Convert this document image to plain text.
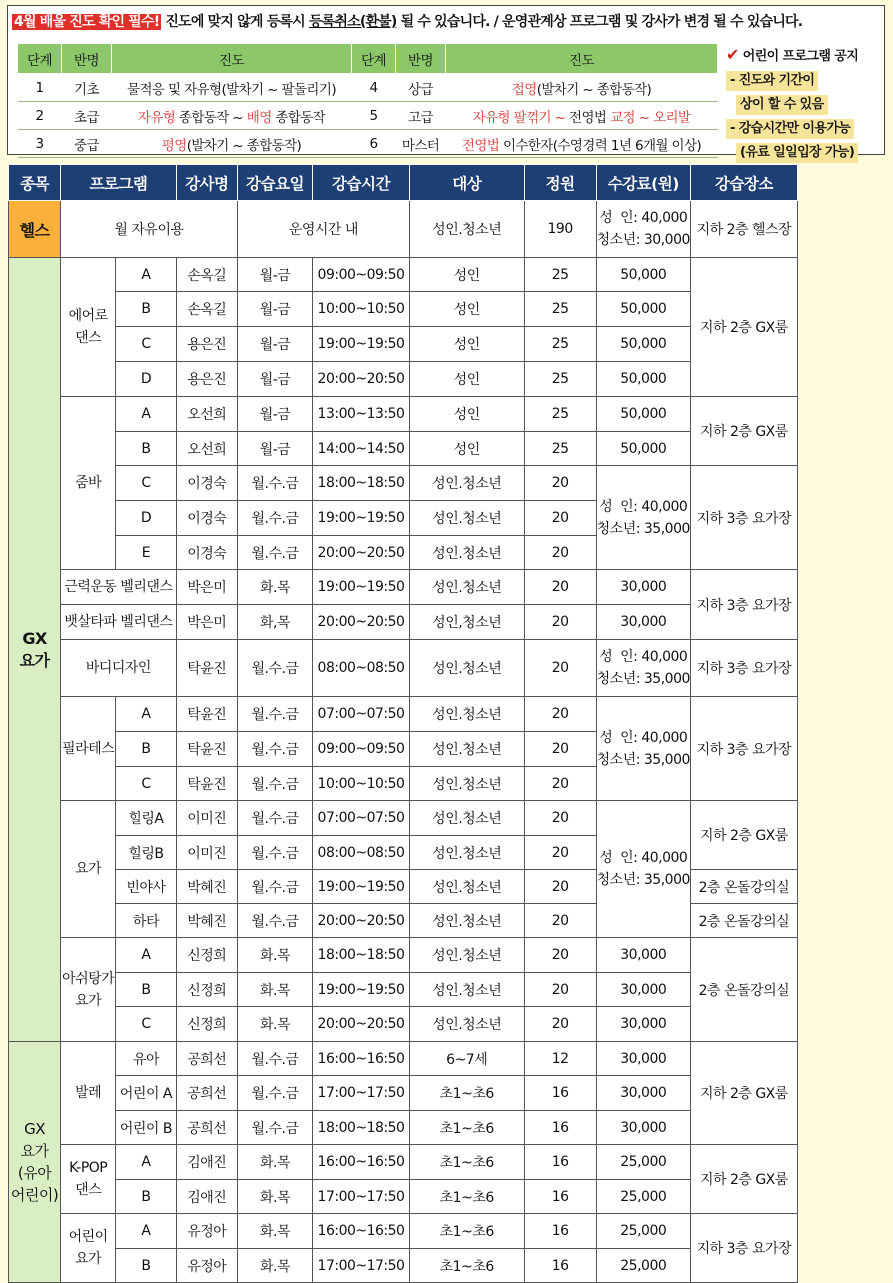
4월 배울 진도 확인 필수! 진도에 맞지 않게 등록시 등록취소(환불) 될 수 있습니다. / 운영관계상 프로그램 및 강사가 변경 될 수 있습니다.
단계	반명	진도	단계	반명	진도
1	기초	물적응 및 자유형(발차기 ~ 팔돌리기)	4	상급	접영(발차기 ~ 종합동작)
2	초급	자유형 종합동작 ~ 배영 종합동작	5	고급	자유형 팔꺾기 ~ 전영법 교정 ~ 오리발
3	중급	평영(발차기 ~ 종합동작)	6	마스터	전영법 이수한자(수영경력 1년 6개월 이상)
✔ 어린이 프로그램 공지
- 진도와 기간이
상이 할 수 있음
- 강습시간만 이용가능
(유료 일일입장 가능)
종목	프로그램		강사명	강습요일	강습시간	대상	정원	수강료(원)	강습장소
헬스	월 자유이용			운영시간 내		성인.청소년	190	성  인: 40,000
청소년: 30,000	지하 2층 헬스장
GX
요가	에어로
댄스	A	손옥길	월-금	09:00~09:50	성인	25	50,000	지하 2층 GX룸
		B	손옥길	월-금	10:00~10:50	성인	25	50,000	
		C	용은진	월-금	19:00~19:50	성인	25	50,000	
		D	용은진	월-금	20:00~20:50	성인	25	50,000	
	줌바	A	오선희	월-금	13:00~13:50	성인	25	50,000	지하 2층 GX룸
		B	오선희	월-금	14:00~14:50	성인	25	50,000	
		C	이경숙	월.수.금	18:00~18:50	성인.청소년	20	성  인: 40,000
청소년: 35,000	지하 3층 요가장
		D	이경숙	월.수.금	19:00~19:50	성인.청소년	20		
		E	이경숙	월.수.금	20:00~20:50	성인.청소년	20		
	근력운동 벨리댄스		박은미	화.목	19:00~19:50	성인.청소년	20	30,000	지하 3층 요가장
	뱃살타파 벨리댄스		박은미	화,목	20:00~20:50	성인,청소년	20	30,000	
	바디디자인		탁윤진	월.수.금	08:00~08:50	성인.청소년	20	성  인: 40,000
청소년: 35,000	지하 3층 요가장
	필라테스	A	탁윤진	월.수.금	07:00~07:50	성인.청소년	20	성  인: 40,000
청소년: 35,000	지하 3층 요가장
		B	탁윤진	월.수.금	09:00~09:50	성인.청소년	20		
		C	탁윤진	월.수.금	10:00~10:50	성인.청소년	20		
	요가	힐링A	이미진	월.수.금	07:00~07:50	성인.청소년	20	성  인: 40,000
청소년: 35,000	지하 2층 GX룸
		힐링B	이미진	월.수.금	08:00~08:50	성인.청소년	20		
		빈야사	박혜진	월.수.금	19:00~19:50	성인.청소년	20		2층 온돌강의실
		하타	박혜진	월.수.금	20:00~20:50	성인.청소년	20		2층 온돌강의실
	아쉬탕가
요가	A	신정희	화.목	18:00~18:50	성인.청소년	20	30,000	2층 온돌강의실
		B	신정희	화.목	19:00~19:50	성인.청소년	20	30,000	
		C	신정희	화.목	20:00~20:50	성인.청소년	20	30,000	
GX
요가
(유아
어린이)	발레	유아	공희선	월.수.금	16:00~16:50	6~7세	12	30,000	지하 2층 GX룸
		어린이 A	공희선	월.수.금	17:00~17:50	초1~초6	16	30,000	
		어린이 B	공희선	월.수.금	18:00~18:50	초1~초6	16	30,000	
	K-POP
댄스	A	김애진	화.목	16:00~16:50	초1~초6	16	25,000	지하 2층 GX룸
		B	김애진	화.목	17:00~17:50	초1~초6	16	25,000	
	어린이
요가	A	유정아	화.목	16:00~16:50	초1~초6	16	25,000	지하 3층 요가장
		B	유정아	화.목	17:00~17:50	초1~초6	16	25,000	
